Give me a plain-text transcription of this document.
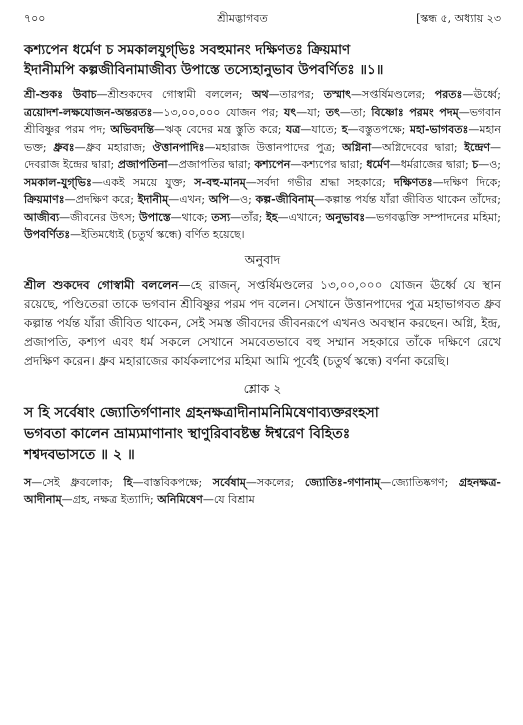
৭০০	শ্রীমদ্ভাগবত	[স্কন্ধ ৫, অধ্যায় ২৩
কশ্যপেন ধর্মেণ চ সমকালযুগ্‌ভিঃ সবহুমানং দক্ষিণতঃ ক্রিয়মাণ
ইদানীমপি কল্পজীবিনামাজীব্য উপাস্তে তস্যেহানুভাব উপবর্ণিতঃ ॥১॥

শ্রী-শুকঃ উবাচ—শ্রীশুকদেব গোস্বামী বললেন; অথ—তারপর; তস্মাৎ—সপ্তর্ষিমণ্ডলের; পরতঃ—ঊর্ধ্বে; ত্রয়োদশ-লক্ষযোজন-অন্তরতঃ—১৩,০০,০০০ যোজন পর; যৎ—যা; তৎ—তা; বিষ্ণোঃ পরমং পদম্—ভগবান শ্রীবিষ্ণুর পরম পদ; অভিবদন্তি—ঋক্ বেদের মন্ত্র স্তুতি করে; যত্র—যাতে; হ—বস্তুতপক্ষে; মহা-ভাগবতঃ—মহান ভক্ত; ধ্রুবঃ—ধ্রুব মহারাজ; ঔত্তানপাদিঃ—মহারাজ উত্তানপাদের পুত্র; অগ্নিনা—অগ্নিদেবের দ্বারা; ইন্দ্রেণ—দেবরাজ ইন্দ্রের দ্বারা; প্রজাপতিনা—প্রজাপতির দ্বারা; কশ্যপেন—কশ্যপের দ্বারা; ধর্মেণ—ধর্মরাজের দ্বারা; চ—ও; সমকাল-যুগ্‌ভিঃ—একই সময়ে যুক্ত; স-বহু-মানম্—সর্বদা গভীর শ্রদ্ধা সহকারে; দক্ষিণতঃ—দক্ষিণ দিকে; ক্রিয়মাণঃ—প্রদক্ষিণ করে; ইদানীম্—এখন; অপি—ও; কল্প-জীবিনাম্—কল্পান্ত পর্যন্ত যাঁরা জীবিত থাকেন তাঁদের; আজীব্য—জীবনের উৎস; উপাস্তে—থাকে; তস্য—তাঁর; ইহ—এখানে; অনুভাবঃ—ভগবদ্ভক্তি সম্পাদনের মহিমা; উপবর্ণিতঃ—ইতিমধ্যেই (চতুর্থ স্কন্ধে) বর্ণিত হয়েছে।

অনুবাদ

শ্রীল শুকদেব গোস্বামী বললেন—হে রাজন্, সপ্তর্ষিমণ্ডলের ১৩,০০,০০০ যোজন ঊর্ধ্বে যে স্থান রয়েছে, পণ্ডিতেরা তাকে ভগবান শ্রীবিষ্ণুর পরম পদ বলেন। সেখানে উত্তানপাদের পুত্র মহাভাগবত ধ্রুব কল্পান্ত পর্যন্ত যাঁরা জীবিত থাকেন, সেই সমস্ত জীবদের জীবনরূপে এখনও অবস্থান করছেন। অগ্নি, ইন্দ্র, প্রজাপতি, কশ্যপ এবং ধর্ম সকলে সেখানে সমবেতভাবে বহু সম্মান সহকারে তাঁকে দক্ষিণে রেখে প্রদক্ষিণ করেন। ধ্রুব মহারাজের কার্যকলাপের মহিমা আমি পূর্বেই (চতুর্থ স্কন্ধে) বর্ণনা করেছি।

শ্লোক ২
স হি সর্বেষাং জ্যোতির্গণানাং গ্রহনক্ষত্রাদীনামনিমিষেণাব্যক্তরংহসা
ভগবতা কালেন ভ্রাম্যমাণানাং স্থাণুরিবাবষ্টম্ভ ঈশ্বরেণ বিহিতঃ
শশ্বদবভাসতে ॥ ২ ॥

স—সেই ধ্রুবলোক; হি—বাস্তবিকপক্ষে; সর্বেষাম্—সকলের; জ্যোতিঃ-গণানাম্—জ্যোতিষ্কগণ; গ্রহনক্ষত্র-আদীনাম্—গ্রহ, নক্ষত্র ইত্যাদি; অনিমিষেণ—যে বিশ্রাম
